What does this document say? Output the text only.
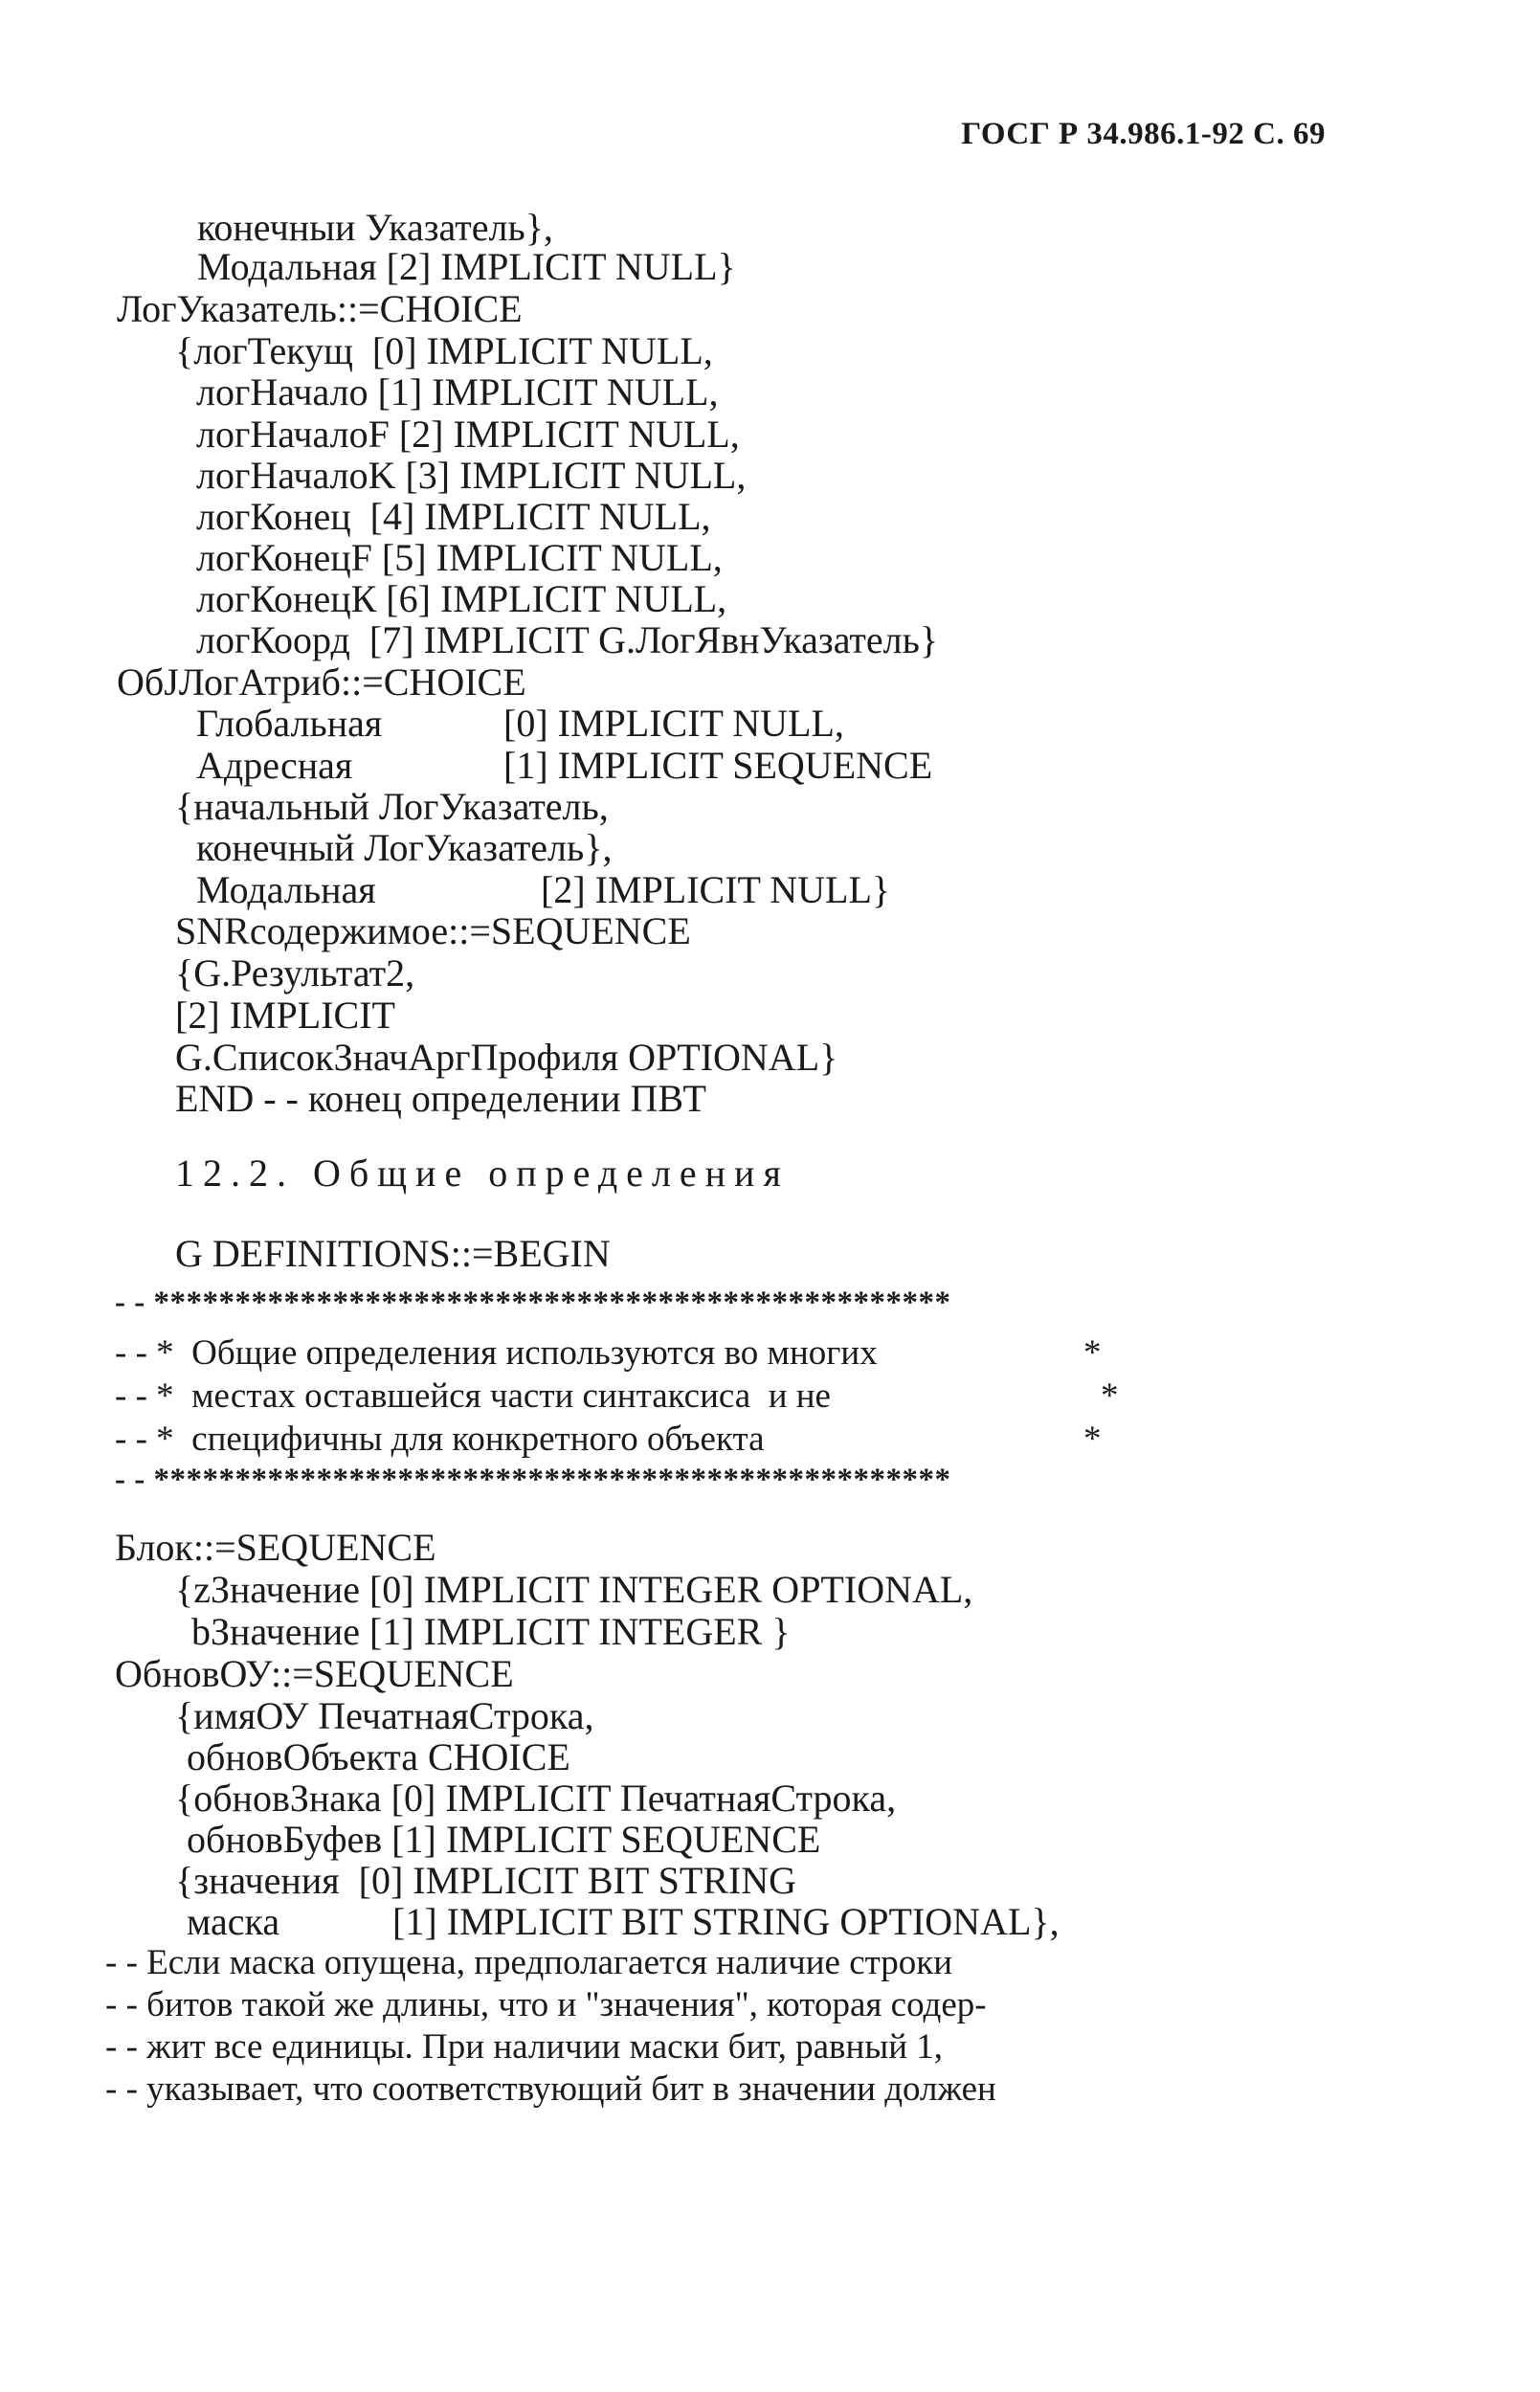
ГОСГ Р 34.986.1-92 С. 69
конечныи Указатель},
Модальная [2] IMPLICIT NULL}
ЛогУказатель::=CHOICE
{логТекущ  [0] IMPLICIT NULL,
логНачало [1] IMPLICIT NULL,
логНачалоF [2] IMPLICIT NULL,
логНачалоK [3] IMPLICIT NULL,
логКонец  [4] IMPLICIT NULL,
логКонецF [5] IMPLICIT NULL,
логКонецК [6] IMPLICIT NULL,
логКоорд  [7] IMPLICIT G.ЛогЯвнУказатель}
ОбЈЛогАтриб::=CHOICE
Глобальная	[0] IMPLICIT NULL,
Адресная	[1] IMPLICIT SEQUENCE
{начальный ЛогУказатель,
конечный ЛогУказатель},
Модальная	[2] IMPLICIT NULL}
SNRсодержимое::=SEQUENCE
{G.Результат2,
[2] IMPLICIT
G.СписокЗначАргПрофиля OPTIONAL}
END - - конец определении ПВТ
12.2. Общие определения
G DEFINITIONS::=BEGIN
- - *************************************************
- - *  Общие определения используются во многих	*
- - *  местах оставшейся части синтаксиса  и не	*
- - *  специфичны для конкретного объекта	*
- - *************************************************
Блок::=SEQUENCE
{zЗначение [0] IMPLICIT INTEGER OPTIONAL,
bЗначение [1] IMPLICIT INTEGER }
ОбновОУ::=SEQUENCE
{имяОУ ПечатнаяСтрока,
обновОбъекта CHOICE
{обновЗнака [0] IMPLICIT ПечатнаяСтрока,
обновБуфев [1] IMPLICIT SEQUENCE
{значения  [0] IMPLICIT BIT STRING
маска	[1] IMPLICIT BIT STRING OPTIONAL},
- - Если маска опущена, предполагается наличие строки
- - битов такой же длины, что и "значения", которая содер-
- - жит все единицы. При наличии маски бит, равный 1,
- - указывает, что соответствующий бит в значении должен
